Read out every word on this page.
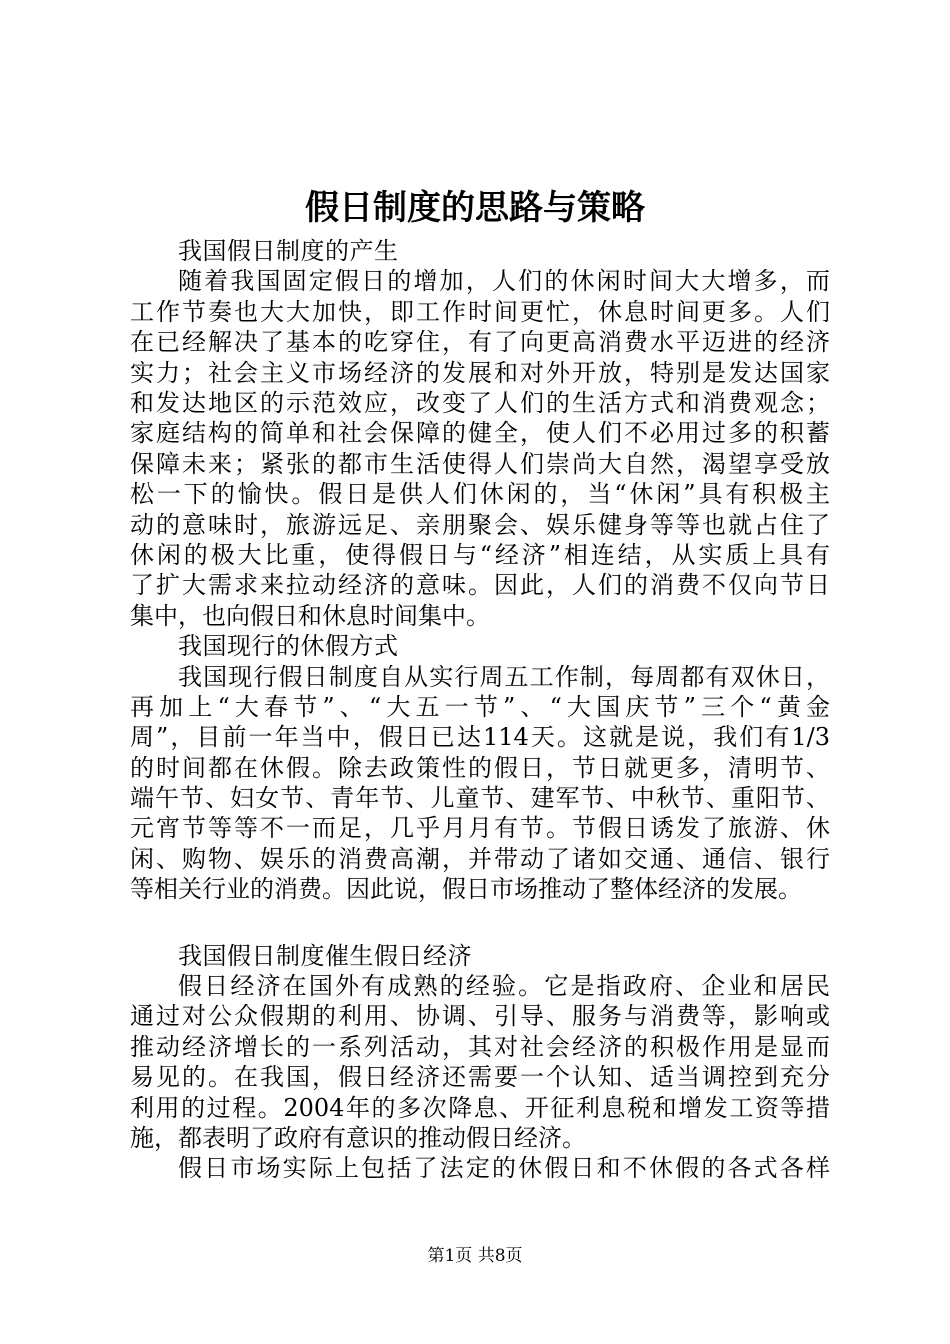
假日制度的思路与策略
我国假日制度的产生
随着我国固定假日的增加，人们的休闲时间大大增多，而
工作节奏也大大加快，即工作时间更忙，休息时间更多。人们
在已经解决了基本的吃穿住，有了向更高消费水平迈进的经济
实力；社会主义市场经济的发展和对外开放，特别是发达国家
和发达地区的示范效应，改变了人们的生活方式和消费观念；
家庭结构的简单和社会保障的健全，使人们不必用过多的积蓄
保障未来；紧张的都市生活使得人们崇尚大自然，渴望享受放
松一下的愉快。假日是供人们休闲的，当“休闲”具有积极主
动的意味时，旅游远足、亲朋聚会、娱乐健身等等也就占住了
休闲的极大比重，使得假日与“经济”相连结，从实质上具有
了扩大需求来拉动经济的意味。因此，人们的消费不仅向节日
集中，也向假日和休息时间集中。
我国现行的休假方式
我国现行假日制度自从实行周五工作制，每周都有双休日，
再加上“大春节”、“大五一节”、“大国庆节”三个“黄金
周”，目前一年当中，假日已达114天。这就是说，我们有1/3
的时间都在休假。除去政策性的假日，节日就更多，清明节、
端午节、妇女节、青年节、儿童节、建军节、中秋节、重阳节、
元宵节等等不一而足，几乎月月有节。节假日诱发了旅游、休
闲、购物、娱乐的消费高潮，并带动了诸如交通、通信、银行
等相关行业的消费。因此说，假日市场推动了整体经济的发展。
我国假日制度催生假日经济
假日经济在国外有成熟的经验。它是指政府、企业和居民
通过对公众假期的利用、协调、引导、服务与消费等，影响或
推动经济增长的一系列活动，其对社会经济的积极作用是显而
易见的。在我国，假日经济还需要一个认知、适当调控到充分
利用的过程。2004年的多次降息、开征利息税和增发工资等措
施，都表明了政府有意识的推动假日经济。
假日市场实际上包括了法定的休假日和不休假的各式各样
第1页 共8页
